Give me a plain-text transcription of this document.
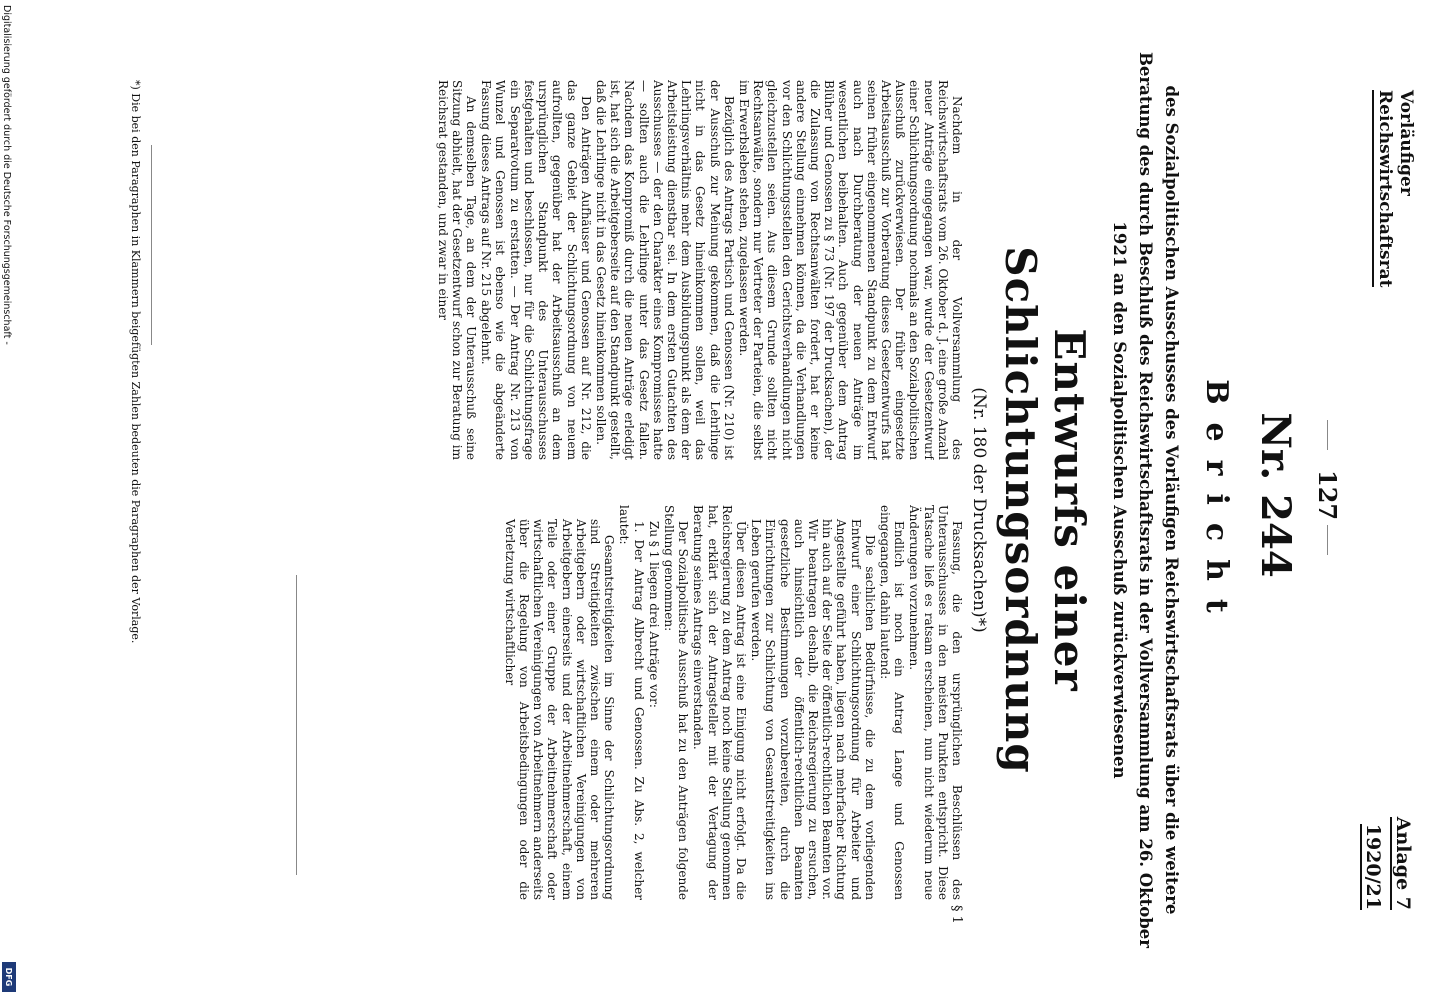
Vorläufiger
Reichswirtschaftsrat
127
Anlage 7
1920/21
Nr. 244
Bericht
des Sozialpolitischen Ausschusses des Vorläufigen Reichswirtschaftsrats über die weitere Beratung des durch Beschluß des Reichswirtschaftsrats in der Vollversammlung am 26. Oktober 1921 an den Sozialpolitischen Ausschuß zurückverwiesenen
Entwurfs einer Schlichtungsordnung
(Nr. 180 der Drucksachen)*)

Nachdem in der Vollversammlung des Reichswirtschaftsrats vom 26. Oktober d. J. eine große Anzahl neuer Anträge eingegangen war, wurde der Gesetzentwurf einer Schlichtungsordnung nochmals an den Sozialpolitischen Ausschuß zurückverwiesen. Der früher eingesetzte Arbeitsausschuß zur Vorberatung dieses Gesetzentwurfs hat seinen früher eingenommenen Standpunkt zu dem Entwurf auch nach Durchberatung der neuen Anträge im wesentlichen beibehalten. Auch gegenüber dem Antrag Blüher und Genossen zu § 73 (Nr. 197 der Drucksachen), der die Zulassung von Rechtsanwälten fordert, hat er keine andere Stellung einnehmen können, da die Verhandlungen vor den Schlichtungsstellen den Gerichtsverhandlungen nicht gleichzustellen seien. Aus diesem Grunde sollten nicht Rechtsanwälte, sondern nur Vertreter der Parteien, die selbst im Erwerbsleben stehen, zugelassen werden.

Bezüglich des Antrags Partisch und Genossen (Nr. 210) ist der Ausschuß zur Meinung gekommen, daß die Lehrlinge nicht in das Gesetz hineinkommen sollen, weil das Lehrlingsverhältnis mehr dem Ausbildungspunkt als dem der Arbeitsleistung dienstbar sei. In dem ersten Gutachten des Ausschusses — der den Charakter eines Kompromisses hatte — sollten auch die Lehrlinge unter das Gesetz fallen. Nachdem das Kompromiß durch die neuen Anträge erledigt ist, hat sich die Arbeitgeberseite auf den Standpunkt gestellt, daß die Lehrlinge nicht in das Gesetz hineinkommen sollen.

Den Anträgen Aufhäuser und Genossen auf Nr. 212, die das ganze Gebiet der Schlichtungsordnung von neuem aufrollten, gegenüber hat der Arbeitsausschuß an dem ursprünglichen Standpunkt des Unterausschusses festgehalten und beschlossen, nur für die Schlichtungsfrage ein Separatvotum zu erstatten. — Der Antrag Nr. 213 von Wunzel und Genossen ist ebenso wie die abgeänderte Fassung dieses Antrags auf Nr. 215 abgelehnt.

An demselben Tage, an dem der Unterausschuß seine Sitzung abhielt, hat der Gesetzentwurf schon zur Beratung im Reichsrat gestanden, und zwar in einer

Fassung, die den ursprünglichen Beschlüssen des Unterausschusses in den meisten Punkten entspricht. Diese Tatsache ließ es ratsam erscheinen, nun nicht wiederum neue Änderungen vorzunehmen.

Endlich ist noch ein Antrag Lange und Genossen eingegangen, dahin lautend:

Die sachlichen Bedürfnisse, die zu dem vorliegenden Entwurf einer Schlichtungsordnung für Arbeiter und Angestellte geführt haben, liegen nach mehrfacher Richtung hin auch auf der Seite der öffentlich-rechtlichen Beamten vor. Wir beantragen deshalb, die Reichsregierung zu ersuchen, auch hinsichtlich der öffentlich-rechtlichen Beamten gesetzliche Bestimmungen vorzubereiten, durch die Einrichtungen zur Schlichtung von Gesamtstreitigkeiten ins Leben gerufen werden.

Über diesen Antrag ist eine Einigung nicht erfolgt. Da die Reichsregierung zu dem Antrag noch keine Stellung genommen hat, erklärt sich der Antragsteller mit der Vertagung der Beratung seines Antrags einverstanden.

Der Sozialpolitische Ausschuß hat zu den Anträgen folgende Stellung genommen:

Zu § 1 liegen drei Anträge vor:

1. Der Antrag Albrecht und Genossen. Zu Abs. 2, welcher lautet:

Gesamtstreitigkeiten im Sinne der Schlichtungsordnung sind Streitigkeiten zwischen einem oder mehreren Arbeitgebern oder wirtschaftlichen Vereinigungen von Arbeitgebern einerseits und der Arbeitnehmerschaft, einem Teile oder einer Gruppe der Arbeitnehmerschaft oder wirtschaftlichen Vereinigungen von Arbeitnehmern anderseits über die Regelung von Arbeitsbedingungen oder die Verletzung wirtschaftlicher

§ 1
*) Die bei den Paragraphen in Klammern beigefügten Zahlen bedeuten die Paragraphen der Vorlage.
Digitalisierung gefördert durch die Deutsche Forschungsgemeinschaft -
DFG
